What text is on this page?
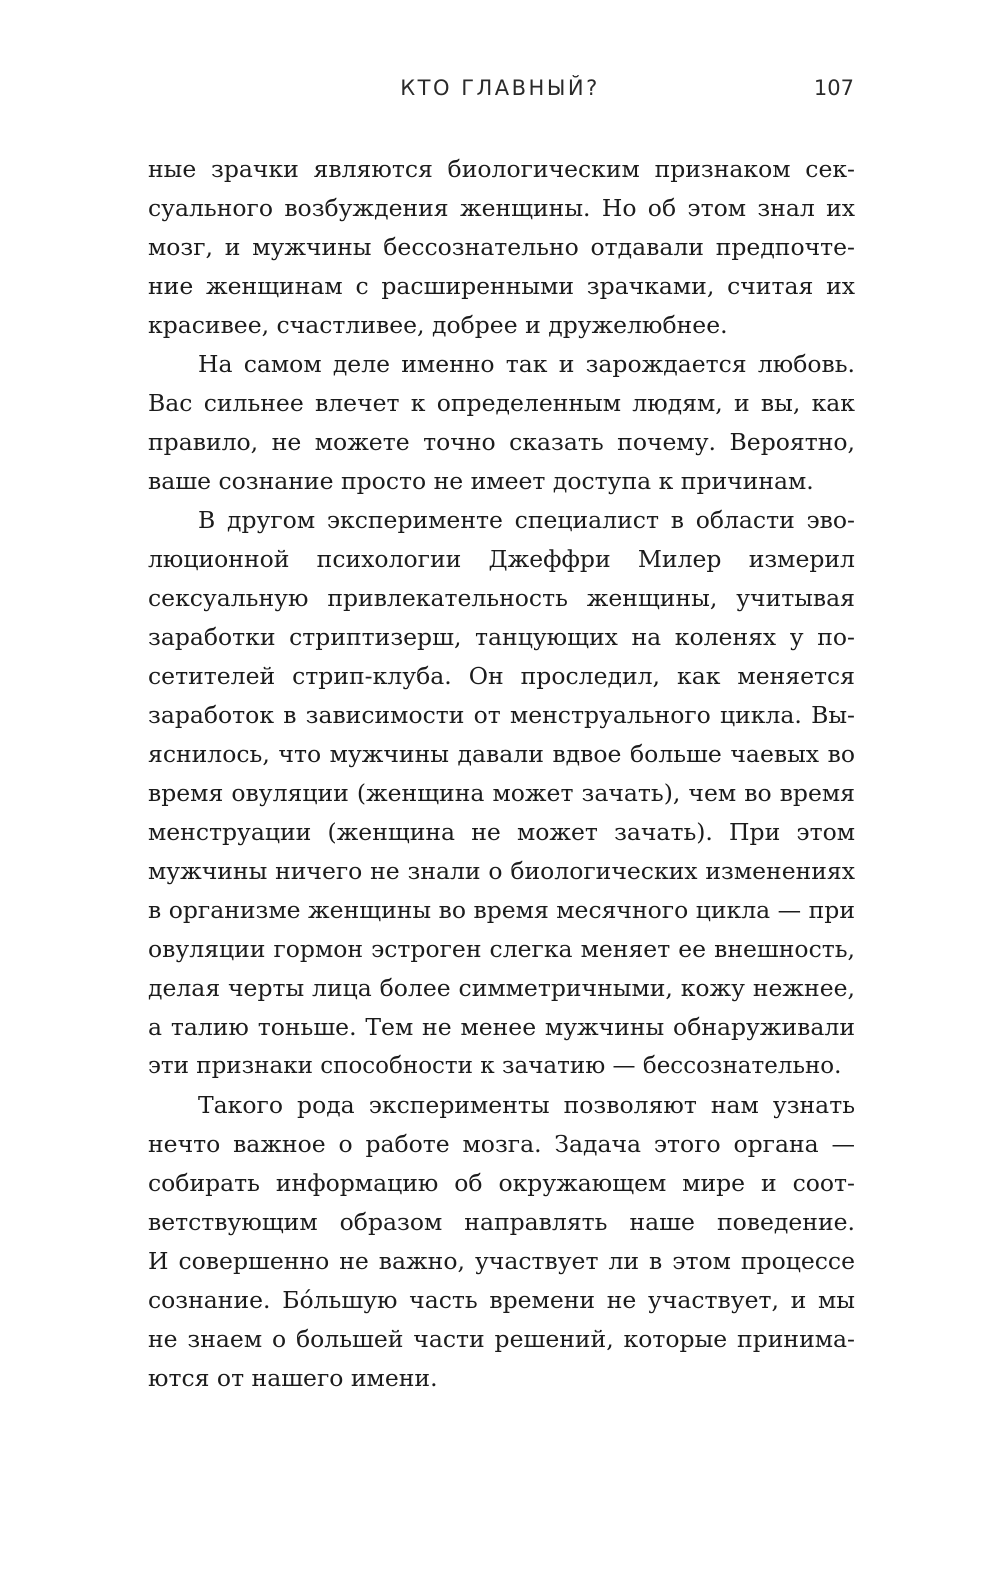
КТО ГЛАВНЫЙ?	107
ные зрачки являются биологическим признаком сек-
суального возбуждения женщины. Но об этом знал их
мозг, и мужчины бессознательно отдавали предпочте-
ние женщинам с расширенными зрачками, считая их
красивее, счастливее, добрее и дружелюбнее.
На самом деле именно так и зарождается любовь.
Вас сильнее влечет к определенным людям, и вы, как
правило, не можете точно сказать почему. Вероятно,
ваше сознание просто не имеет доступа к причинам.
В другом эксперименте специалист в области эво-
люционной психологии Джеффри Милер измерил
сексуальную привлекательность женщины, учитывая
заработки стриптизерш, танцующих на коленях у по-
сетителей стрип-клуба. Он проследил, как меняется
заработок в зависимости от менструального цикла. Вы-
яснилось, что мужчины давали вдвое больше чаевых во
время овуляции (женщина может зачать), чем во время
менструации (женщина не может зачать). При этом
мужчины ничего не знали о биологических изменениях
в организме женщины во время месячного цикла — при
овуляции гормон эстроген слегка меняет ее внешность,
делая черты лица более симметричными, кожу нежнее,
а талию тоньше. Тем не менее мужчины обнаруживали
эти признаки способности к зачатию — бессознательно.
Такого рода эксперименты позволяют нам узнать
нечто важное о работе мозга. Задача этого органа —
собирать информацию об окружающем мире и соот-
ветствующим образом направлять наше поведение.
И совершенно не важно, участвует ли в этом процессе
сознание. Бóльшую часть времени не участвует, и мы
не знаем о большей части решений, которые принима-
ются от нашего имени.
